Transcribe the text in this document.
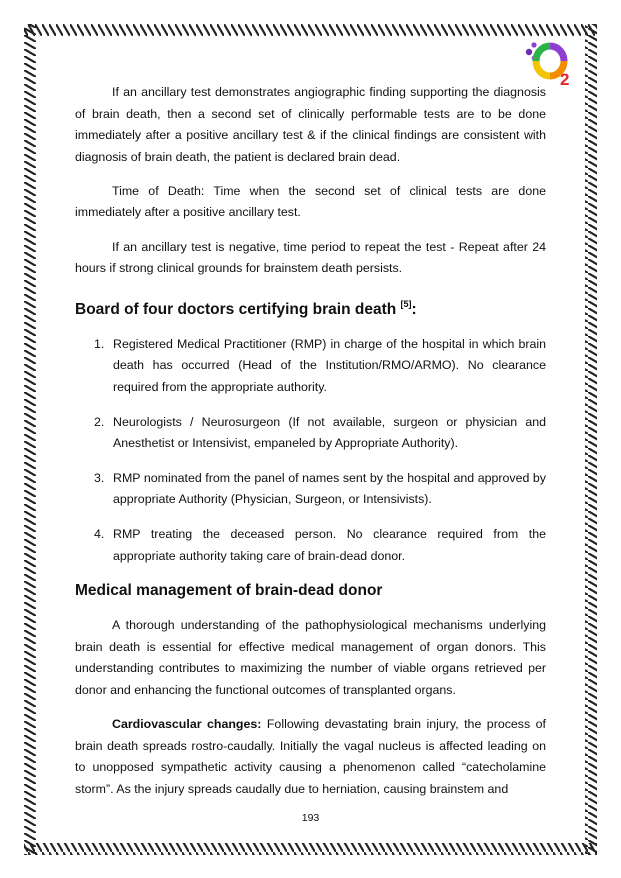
2

If an ancillary test demonstrates angiographic finding supporting the diagnosis of brain death, then a second set of clinically performable tests are to be done immediately after a positive ancillary test & if the clinical findings are consistent with diagnosis of brain death, the patient is declared brain dead.

Time of Death: Time when the second set of clinical tests are done immediately after a positive ancillary test.

If an ancillary test is negative, time period to repeat the test - Repeat after 24 hours if strong clinical grounds for brainstem death persists.

Board of four doctors certifying brain death [5]:
1. Registered Medical Practitioner (RMP) in charge of the hospital in which brain death has occurred (Head of the Institution/RMO/ARMO). No clearance required from the appropriate authority.
2. Neurologists / Neurosurgeon (If not available, surgeon or physician and Anesthetist or Intensivist, empaneled by Appropriate Authority).
3. RMP nominated from the panel of names sent by the hospital and approved by appropriate Authority (Physician, Surgeon, or Intensivists).
4. RMP treating the deceased person. No clearance required from the appropriate authority taking care of brain-dead donor.
Medical management of brain-dead donor

A thorough understanding of the pathophysiological mechanisms underlying brain death is essential for effective medical management of organ donors. This understanding contributes to maximizing the number of viable organs retrieved per donor and enhancing the functional outcomes of transplanted organs.

Cardiovascular changes: Following devastating brain injury, the process of brain death spreads rostro-caudally. Initially the vagal nucleus is affected leading on to unopposed sympathetic activity causing a phenomenon called “catecholamine storm”. As the injury spreads caudally due to herniation, causing brainstem and

193
